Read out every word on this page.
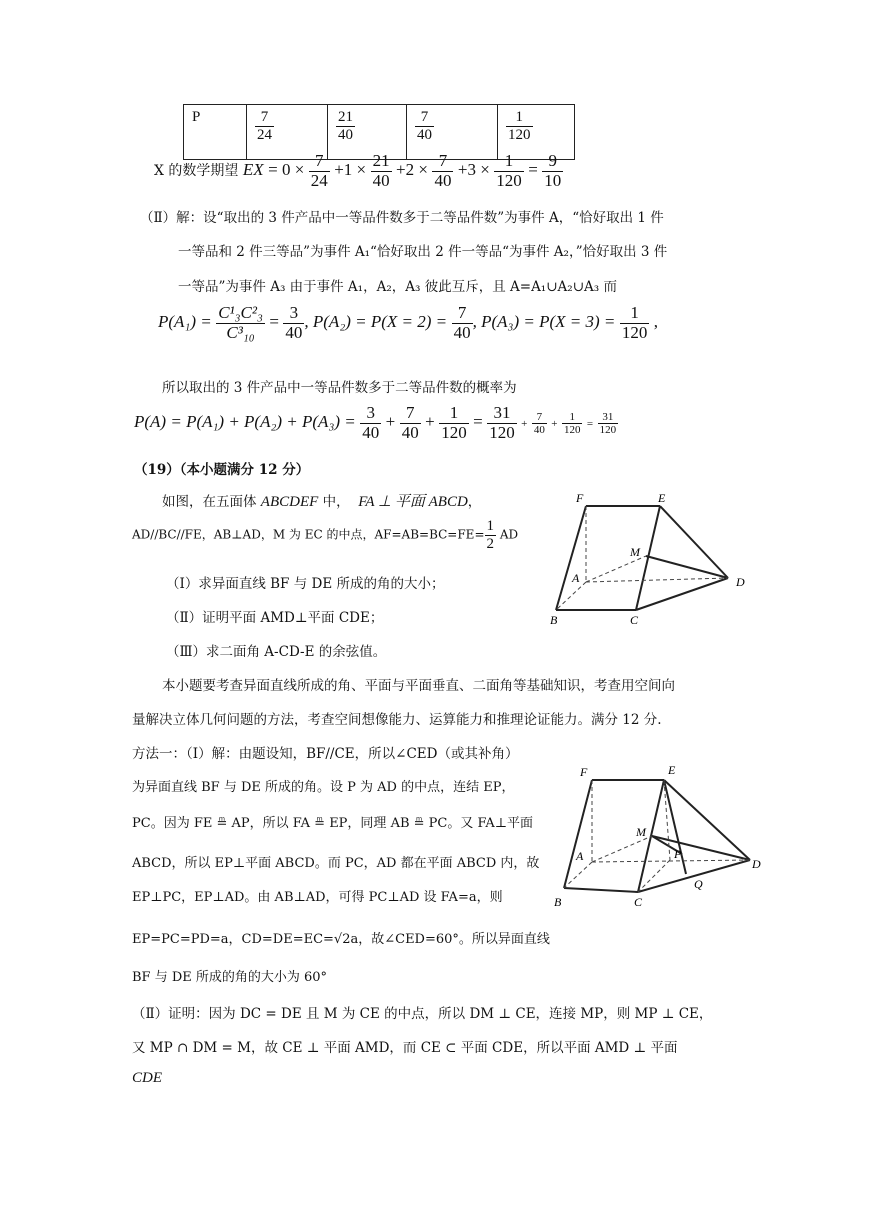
P	$\frac{7}{24}$	$\frac{21}{40}$	$\frac{7}{40}$	$\frac{1}{120}$
X 的数学期望 EX = $0 \times \frac{7}{24} +1 \times \frac{21}{40} +2 \times \frac{7}{40} +3 \times \frac{1}{120} = \frac{9}{10}$
（Ⅱ）解：设“取出的 3 件产品中一等品件数多于二等品件数”为事件 A，“恰好取出 1 件
一等品和 2 件三等品”为事件 A₁“恰好取出 2 件一等品“为事件 A₂，”恰好取出 3 件
一等品”为事件 A₃ 由于事件 A₁，A₂，A₃ 彼此互斥，且 A=A₁∪A₂∪A₃ 而
$P(A_1) = \frac{\text{C¹₃C²₃}}{\text{C³₁₀}} = \frac{3}{40}$ , $P(A_2) = P(X = 2) = \frac{7}{40}$ , $P(A_3) = P(X = 3) = \frac{1}{120}$ ,
所以取出的 3 件产品中一等品件数多于二等品件数的概率为
$P(A) = P(A_1) + P(A_2) + P(A_3) = \frac{3}{40} + \frac{7}{40} + \frac{1}{120} = \frac{31}{120} + \frac{7}{40} + \frac{1}{120} = \frac{31}{120}$
（19）（本小题满分 12 分）
如图，在五面体 ABCDEF 中， FA ⊥ 平面 ABCD，
AD//BC//FE，AB⊥AD，M 为 EC 的中点，$AF=AB=BC=FE= \frac{1}{2}$ AD
（Ⅰ）求异面直线 BF 与 DE 所成的角的大小；
（Ⅱ）证明平面 AMD⊥平面 CDE；
（Ⅲ）求二面角 A-CD-E 的余弦值。
F	E
M
A
B	C
D
本小题要考查异面直线所成的角、平面与平面垂直、二面角等基础知识，考查用空间向
量解决立体几何问题的方法，考查空间想像能力、运算能力和推理论证能力。满分 12 分.
方法一：（Ⅰ）解：由题设知，BF//CE，所以∠CED（或其补角）
为异面直线 BF 与 DE 所成的角。设 P 为 AD 的中点，连结 EP，
PC。因为 FE ≞ AP，所以 FA ≞ EP，同理 AB ≞ PC。又 FA⊥平面
ABCD，所以 EP⊥平面 ABCD。而 PC，AD 都在平面 ABCD 内，故
EP⊥PC，EP⊥AD。由 AB⊥AD，可得 PC⊥AD 设 FA=a，则
EP=PC=PD=a，CD=DE=EC=√2a，故∠CED=60°。所以异面直线
BF 与 DE 所成的角的大小为 60°
F	E
M
P
A
B	C
Q
D
（Ⅱ）证明：因为 DC = DE 且 M 为 CE 的中点，所以 DM ⊥ CE，连接 MP，则 MP ⊥ CE，
又 MP ∩ DM = M，故 CE ⊥ 平面 AMD，而 CE ⊂ 平面 CDE，所以平面 AMD ⊥ 平面
CDE
